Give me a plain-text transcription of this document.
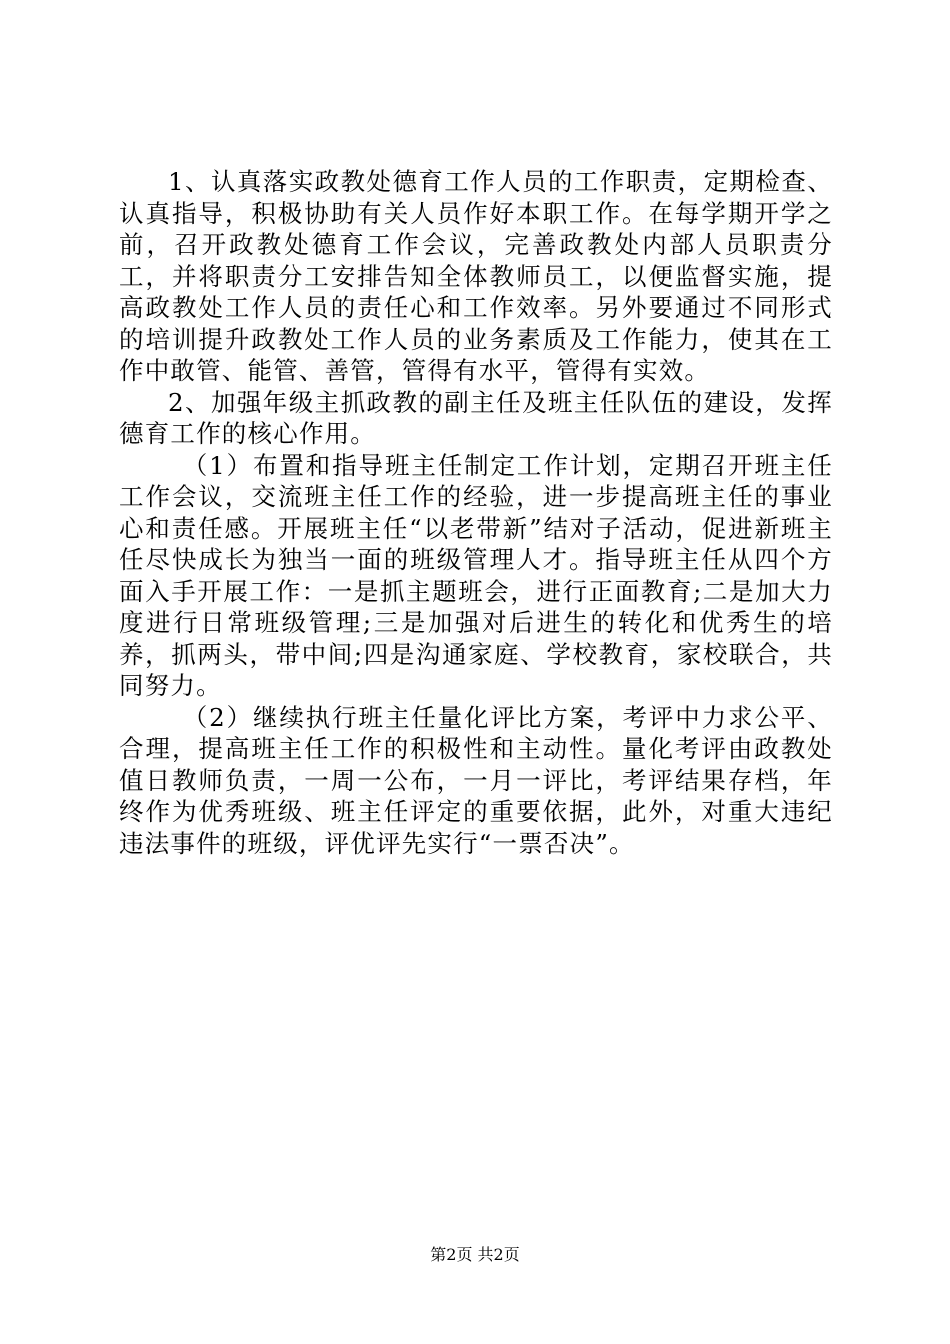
1、认真落实政教处德育工作人员的工作职责，定期检查、认真指导，积极协助有关人员作好本职工作。在每学期开学之前，召开政教处德育工作会议，完善政教处内部人员职责分工，并将职责分工安排告知全体教师员工，以便监督实施，提高政教处工作人员的责任心和工作效率。另外要通过不同形式的培训提升政教处工作人员的业务素质及工作能力，使其在工作中敢管、能管、善管，管得有水平，管得有实效。

2、加强年级主抓政教的副主任及班主任队伍的建设，发挥德育工作的核心作用。

（1）布置和指导班主任制定工作计划，定期召开班主任工作会议，交流班主任工作的经验，进一步提高班主任的事业心和责任感。开展班主任“以老带新”结对子活动，促进新班主任尽快成长为独当一面的班级管理人才。指导班主任从四个方面入手开展工作：一是抓主题班会，进行正面教育;二是加大力度进行日常班级管理;三是加强对后进生的转化和优秀生的培养，抓两头，带中间;四是沟通家庭、学校教育，家校联合，共同努力。

（2）继续执行班主任量化评比方案，考评中力求公平、合理，提高班主任工作的积极性和主动性。量化考评由政教处值日教师负责，一周一公布，一月一评比，考评结果存档，年终作为优秀班级、班主任评定的重要依据，此外，对重大违纪违法事件的班级，评优评先实行“一票否决”。

第2页 共2页
